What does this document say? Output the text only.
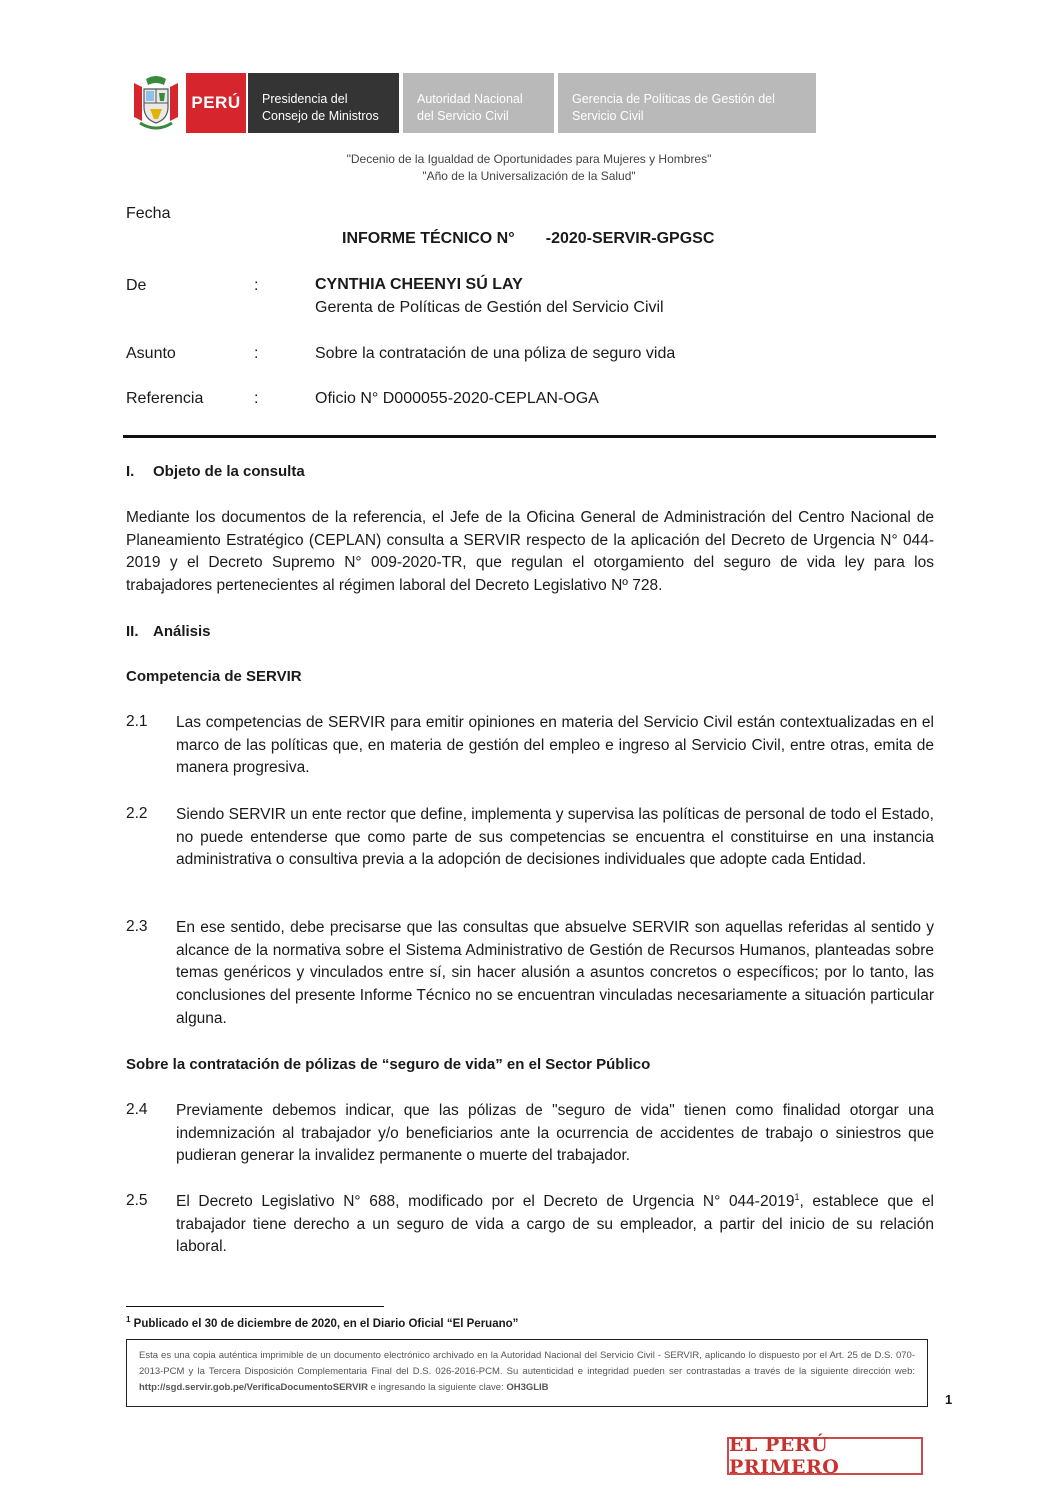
PERÚ Presidencia del
Consejo de Ministros
Autoridad Nacional
del Servicio Civil
Gerencia de Políticas de Gestión del
Servicio Civil
"Decenio de la Igualdad de Oportunidades para Mujeres y Hombres"
"Año de la Universalización de la Salud"
Fecha
INFORME TÉCNICO N°       -2020-SERVIR-GPGSC
De	:	CYNTHIA CHEENYI SÚ LAY
Gerenta de Políticas de Gestión del Servicio Civil
Asunto	:	Sobre la contratación de una póliza de seguro vida
Referencia	:	Oficio N° D000055-2020-CEPLAN-OGA
I. Objeto de la consulta
Mediante los documentos de la referencia, el Jefe de la Oficina General de Administración del Centro Nacional de Planeamiento Estratégico (CEPLAN) consulta a SERVIR respecto de la aplicación del Decreto de Urgencia N° 044-2019 y el Decreto Supremo N° 009-2020-TR, que regulan el otorgamiento del seguro de vida ley para los trabajadores pertenecientes al régimen laboral del Decreto Legislativo Nº 728.
II. Análisis
Competencia de SERVIR
2.1 Las competencias de SERVIR para emitir opiniones en materia del Servicio Civil están contextualizadas en el marco de las políticas que, en materia de gestión del empleo e ingreso al Servicio Civil, entre otras, emita de manera progresiva.
2.2 Siendo SERVIR un ente rector que define, implementa y supervisa las políticas de personal de todo el Estado, no puede entenderse que como parte de sus competencias se encuentra el constituirse en una instancia administrativa o consultiva previa a la adopción de decisiones individuales que adopte cada Entidad.
2.3 En ese sentido, debe precisarse que las consultas que absuelve SERVIR son aquellas referidas al sentido y alcance de la normativa sobre el Sistema Administrativo de Gestión de Recursos Humanos, planteadas sobre temas genéricos y vinculados entre sí, sin hacer alusión a asuntos concretos o específicos; por lo tanto, las conclusiones del presente Informe Técnico no se encuentran vinculadas necesariamente a situación particular alguna.
Sobre la contratación de pólizas de “seguro de vida” en el Sector Público
2.4 Previamente debemos indicar, que las pólizas de "seguro de vida" tienen como finalidad otorgar una indemnización al trabajador y/o beneficiarios ante la ocurrencia de accidentes de trabajo o siniestros que pudieran generar la invalidez permanente o muerte del trabajador.
2.5 El Decreto Legislativo N° 688, modificado por el Decreto de Urgencia N° 044-2019$^1$, establece que el trabajador tiene derecho a un seguro de vida a cargo de su empleador, a partir del inicio de su relación laboral.
$^1$ Publicado el 30 de diciembre de 2020, en el Diario Oficial “El Peruano”
Esta es una copia auténtica imprimible de un documento electrónico archivado en la Autoridad Nacional del Servicio Civil - SERVIR, aplicando lo dispuesto por el Art. 25 de D.S. 070-2013-PCM y la Tercera Disposición Complementaria Final del D.S. 026-2016-PCM. Su autenticidad e integridad pueden ser contrastadas a través de la siguiente dirección web: http://sgd.servir.gob.pe/VerificaDocumentoSERVIR e ingresando la siguiente clave: OH3GLIB
1
EL PERÚ PRIMERO
